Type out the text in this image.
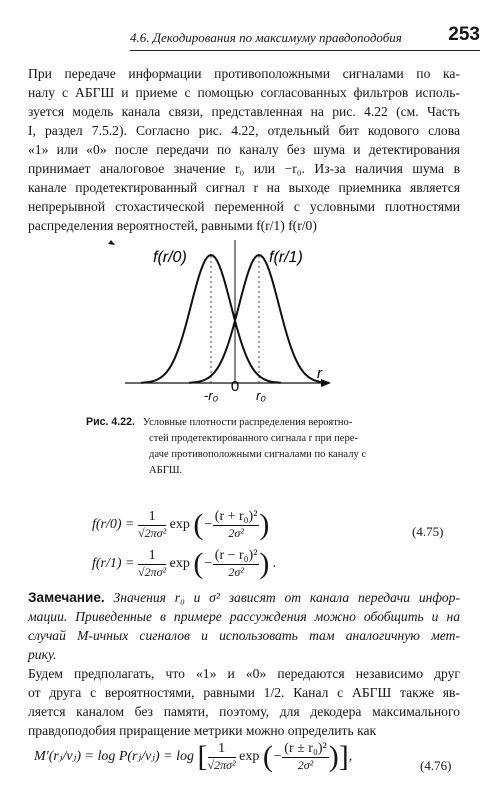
4.6. Декодирования по максимуму правдоподобия 253
При передаче информации противоположными сигналами по ка-
налу с АБГШ и приеме с помощью согласованных фильтров исполь-
зуется модель канала связи, представленная на рис. 4.22 (см. Часть
I, раздел 7.5.2). Согласно рис. 4.22, отдельный бит кодового слова
«1» или «0» после передачи по каналу без шума и детектирования
принимает аналоговое значение r₀ или −r₀. Из-за наличия шума в
канале продетектированный сигнал r на выходе приемника является
непрерывной стохастической переменной с условными плотностями
распределения вероятностей, равными f(r/1) f(r/0)
f(r/0)	f(r/1)
-r₀
0
r₀
r
Рис. 4.22. Условные плотности распределения вероятно-
стей продетектированного сигнала r при пере-
даче противоположными сигналами по каналу с
АБГШ.
$f(r/0) = \frac{1}{\text{√2πσ²}}$ exp (− $\frac{\text{(r + r₀)²}}{\text{2σ²}}$ )	(4.75)
$f(r/1) = \frac{1}{\text{√2πσ²}}$ exp (− $\frac{\text{(r − r₀)²}}{\text{2σ²}}$ ) .
Замечание. Значения r₀ и σ² зависят от канала передачи инфор-
мации. Приведенные в примере рассуждения можно обобщить и на
случай M-ичных сигналов и использовать там аналогичную мет-
рику.
Будем предполагать, что «1» и «0» передаются независимо друг
от друга с вероятностями, равными 1/2. Канал с АБГШ также яв-
ляется каналом без памяти, поэтому, для декодера максимального
правдоподобия приращение метрики можно определить как
M′(rⱼ/vⱼ) = log P(rⱼ/vⱼ) = log [ $\frac{1}{\text{√2πσ²}}$ exp (− $\frac{\text{(r ± r₀)²}}{\text{2σ²}}$ )],
(4.76)
